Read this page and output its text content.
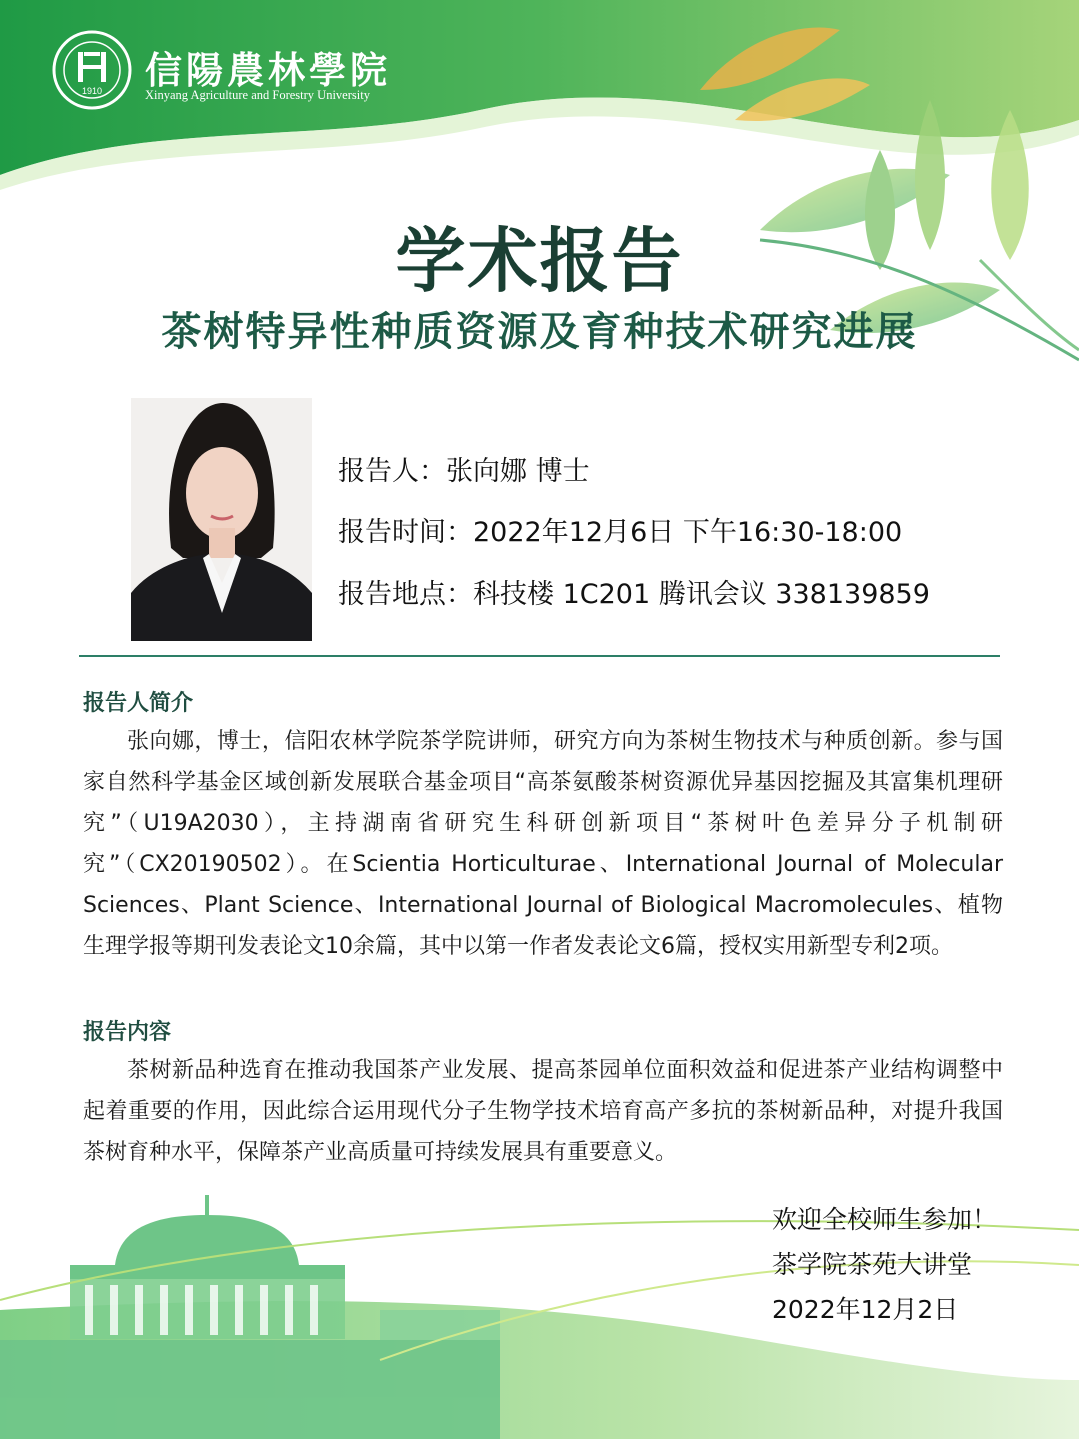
1910 信陽農林學院
Xinyang Agriculture and Forestry University
学术报告
茶树特异性种质资源及育种技术研究进展
报告人：张向娜 博士
报告时间：2022年12月6日 下午16:30-18:00
报告地点：科技楼 1C201 腾讯会议 338139859
报告人简介
张向娜，博士，信阳农林学院茶学院讲师，研究方向为茶树生物技术与种质创新。参与国家自然科学基金区域创新发展联合基金项目“高茶氨酸茶树资源优异基因挖掘及其富集机理研究”（U19A2030），主持湖南省研究生科研创新项目“茶树叶色差异分子机制研究”（CX20190502）。在Scientia Horticulturae、International Journal of Molecular Sciences、Plant Science、International Journal of Biological Macromolecules、植物生理学报等期刊发表论文10余篇，其中以第一作者发表论文6篇，授权实用新型专利2项。
报告内容
茶树新品种选育在推动我国茶产业发展、提高茶园单位面积效益和促进茶产业结构调整中起着重要的作用，因此综合运用现代分子生物学技术培育高产多抗的茶树新品种，对提升我国茶树育种水平，保障茶产业高质量可持续发展具有重要意义。
欢迎全校师生参加！
茶学院茶苑大讲堂
2022年12月2日
